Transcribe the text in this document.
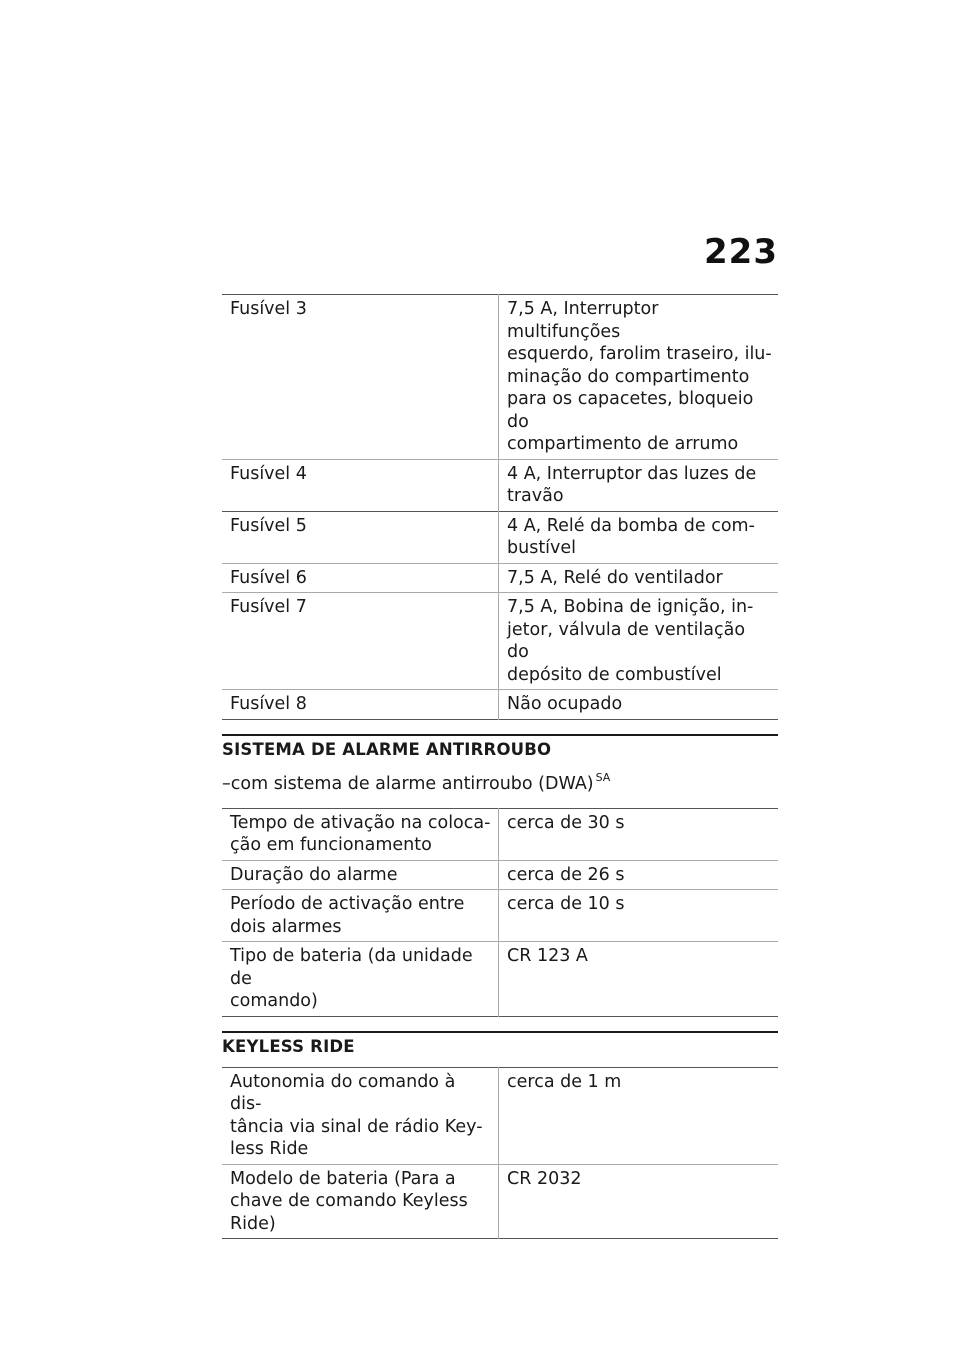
223
Fusível 3	7,5 A, Interruptor multifunções
esquerdo, farolim traseiro, ilu-
minação do compartimento
para os capacetes, bloqueio do
compartimento de arrumo

Fusível 4	4 A, Interruptor das luzes de
travão

Fusível 5	4 A, Relé da bomba de com-
bustível

Fusível 6	7,5 A, Relé do ventilador

Fusível 7	7,5 A, Bobina de ignição, in-
jetor, válvula de ventilação do
depósito de combustível

Fusível 8	Não ocupado
SISTEMA DE ALARME ANTIRROUBO
–com sistema de alarme antirroubo (DWA) $^{SA}$
Tempo de ativação na coloca-
ção em funcionamento	cerca de 30 s

Duração do alarme	cerca de 26 s

Período de activação entre
dois alarmes	cerca de 10 s

Tipo de bateria (da unidade de
comando)	CR 123 A
KEYLESS RIDE
Autonomia do comando à dis-
tância via sinal de rádio Key-
less Ride	cerca de 1 m

Modelo de bateria (Para a
chave de comando Keyless
Ride)	CR 2032
